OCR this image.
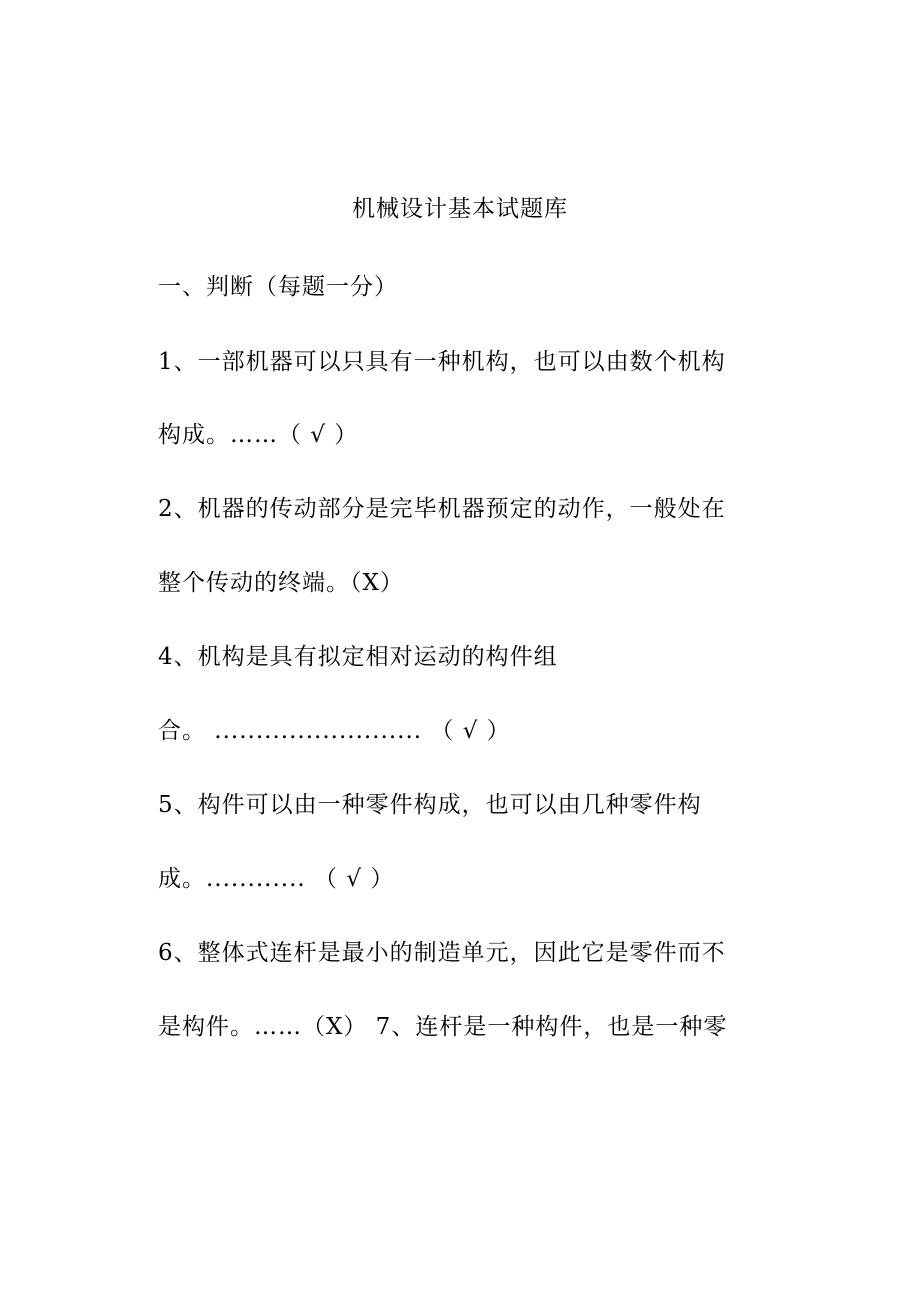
机械设计基本试题库
一、判断（每题一分）
1、一部机器可以只具有一种机构，也可以由数个机构
构成。……（ √ ）
2、机器的传动部分是完毕机器预定的动作，一般处在
整个传动的终端。（X）
4、机构是具有拟定相对运动的构件组
合。 ......................... （ √ ）
5、构件可以由一种零件构成，也可以由几种零件构
成。............ （ √ ）
6、整体式连杆是最小的制造单元，因此它是零件而不
是构件。……（X） 7、连杆是一种构件，也是一种零
